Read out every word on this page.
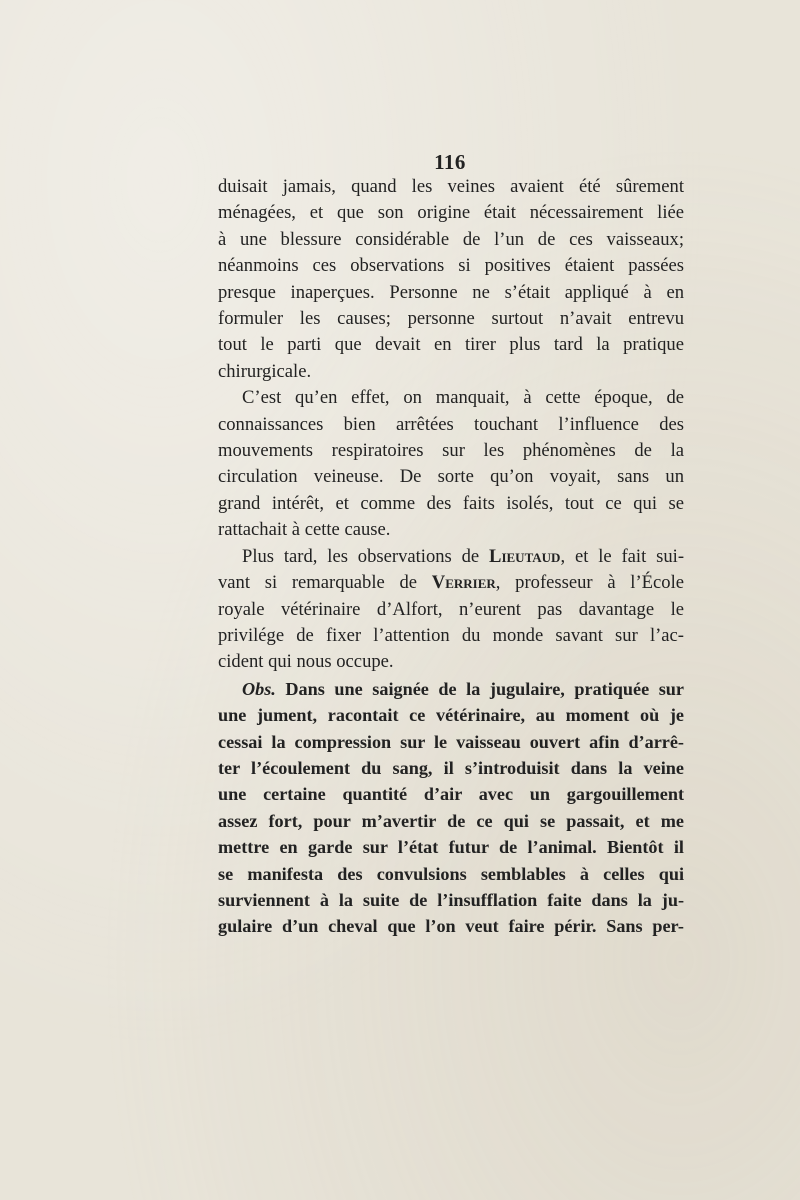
116
duisait jamais, quand les veines avaient été sûrement
ménagées, et que son origine était nécessairement liée
à une blessure considérable de l’un de ces vaisseaux;
néanmoins ces observations si positives étaient passées
presque inaperçues. Personne ne s’était appliqué à en
formuler les causes; personne surtout n’avait entrevu
tout le parti que devait en tirer plus tard la pratique
chirurgicale.
C’est qu’en effet, on manquait, à cette époque, de
connaissances bien arrêtées touchant l’influence des
mouvements respiratoires sur les phénomènes de la
circulation veineuse. De sorte qu’on voyait, sans un
grand intérêt, et comme des faits isolés, tout ce qui se
rattachait à cette cause.
Plus tard, les observations de Lieutaud, et le fait sui-
vant si remarquable de Verrier, professeur à l’École
royale vétérinaire d’Alfort, n’eurent pas davantage le
privilége de fixer l’attention du monde savant sur l’ac-
cident qui nous occupe.
Obs. Dans une saignée de la jugulaire, pratiquée sur
une jument, racontait ce vétérinaire, au moment où je
cessai la compression sur le vaisseau ouvert afin d’arrê-
ter l’écoulement du sang, il s’introduisit dans la veine
une certaine quantité d’air avec un gargouillement
assez fort, pour m’avertir de ce qui se passait, et me
mettre en garde sur l’état futur de l’animal. Bientôt il
se manifesta des convulsions semblables à celles qui
surviennent à la suite de l’insufflation faite dans la ju-
gulaire d’un cheval que l’on veut faire périr. Sans per-
